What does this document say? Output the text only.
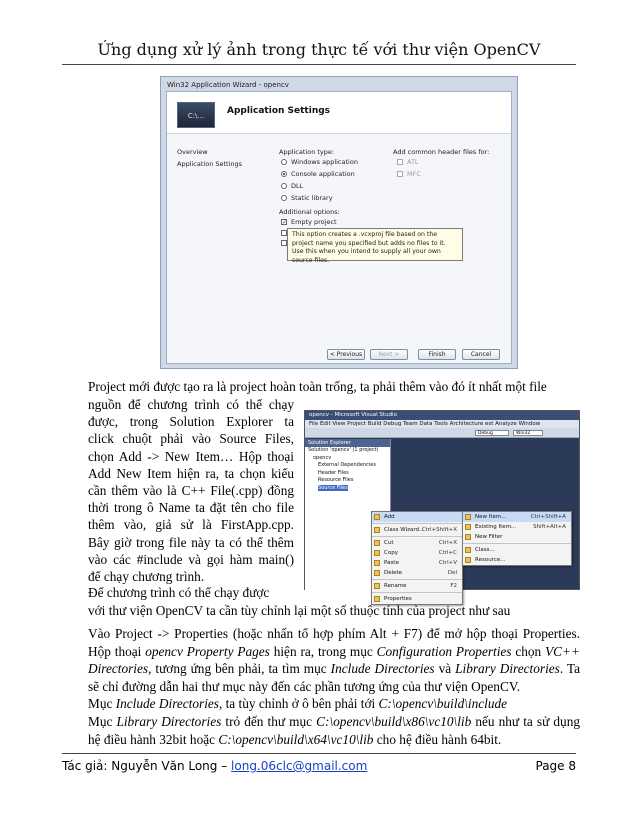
Ứng dụng xử lý ảnh trong thực tế với thư viện OpenCV
Win32 Application Wizard - opencv
C:\...	Application Settings
Overview
Application Settings
Application type:
Windows application
Console application
DLL
Static library
Additional options:
✓ Empty project
This option creates a .vcxproj file based on the project name you specified but adds no files to it. Use this when you intend to supply all your own source files.
Add common header files for:
ATL
MFC
< Previous	Next >	Finish	Cancel
Project mới được tạo ra là project hoàn toàn trống, ta phải thêm vào đó ít nhất một file
nguồn để chương trình có thể chạy
được, trong Solution Explorer ta
click chuột phải vào Source Files,
chọn Add -> New Item… Hộp thoại
Add New Item hiện ra, ta chọn kiểu
cần thêm vào là C++ File(.cpp) đồng
thời trong ô Name ta đặt tên cho file
thêm vào, giả sử là FirstApp.cpp.
Bây giờ trong file này ta có thể thêm
vào các #include và gọi hàm main()
để chạy chương trình.
opencv - Microsoft Visual Studio
File Edit View Project Build Debug Team Data Tools Architecture est Analyze Window
Debug	Win32
Solution Explorer
Solution 'opencv' (1 project)
opencv
External Dependencies
Header Files
Resource Files
Source Files
Add
Class Wizard...
Ctrl+Shift+X
Cut	Ctrl+X
Copy	Ctrl+C
Paste	Ctrl+V
Delete	Del
Rename	F2
Properties
New Item...	Ctrl+Shift+A
Existing Item...	Shift+Alt+A
New Filter
Class...
Resource...
Để chương trình có thể chạy được
với thư viện OpenCV ta cần tùy chỉnh lại một số thuộc tính của project như sau
Vào Project -> Properties (hoặc nhấn tổ hợp phím Alt + F7) để mở hộp thoại Properties. Hộp thoại opencv Property Pages hiện ra, trong mục Configuration Properties chọn VC++ Directories, tương ứng bên phải, ta tìm mục Include Directories và Library Directories. Ta sẽ chỉ đường dẫn hai thư mục này đến các phần tương ứng của thư viện OpenCV.
Mục Include Directories, ta tùy chỉnh ở ô bên phải tới C:\opencv\build\include
Mục Library Directories trỏ đến thư mục C:\opencv\build\x86\vc10\lib nếu như ta sử dụng hệ điều hành 32bit hoặc C:\opencv\build\x64\vc10\lib cho hệ điều hành 64bit.
Tác giả: Nguyễn Văn Long – long.06clc@gmail.com	Page 8
